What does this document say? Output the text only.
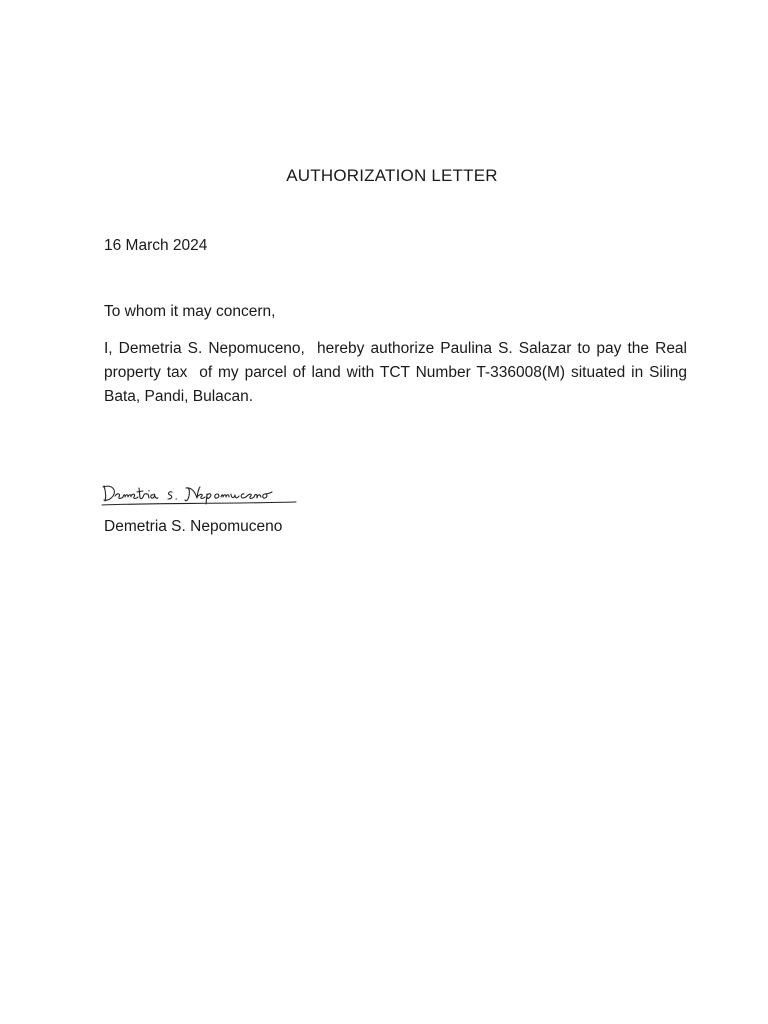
AUTHORIZATION LETTER
16 March 2024
To whom it may concern,
I, Demetria S. Nepomuceno,  hereby authorize Paulina S. Salazar to pay the Real property tax  of my parcel of land with TCT Number T-336008(M) situated in Siling Bata, Pandi, Bulacan.
Demetria S. Nepomuceno
